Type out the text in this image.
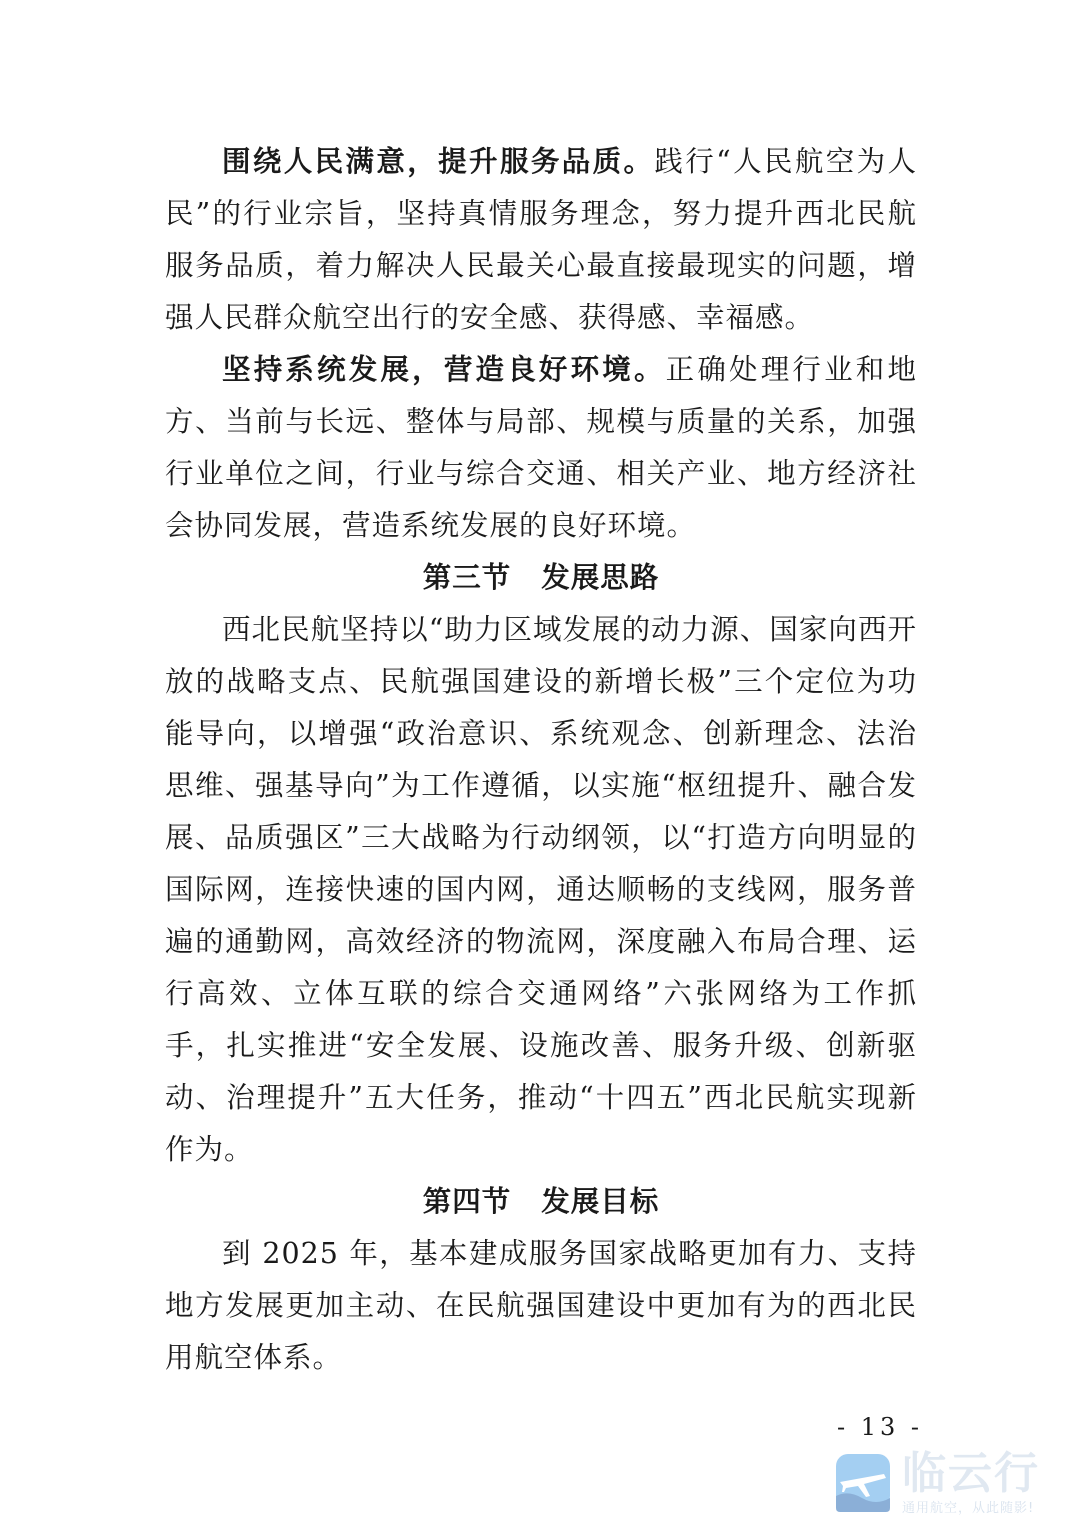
围绕人民满意，提升服务品质。践行“人民航空为人民”的行业宗旨，坚持真情服务理念，努力提升西北民航服务品质，着力解决人民最关心最直接最现实的问题，增强人民群众航空出行的安全感、获得感、幸福感。

坚持系统发展，营造良好环境。正确处理行业和地方、当前与长远、整体与局部、规模与质量的关系，加强行业单位之间，行业与综合交通、相关产业、地方经济社会协同发展，营造系统发展的良好环境。

第三节 发展思路

西北民航坚持以“助力区域发展的动力源、国家向西开放的战略支点、民航强国建设的新增长极”三个定位为功能导向，以增强“政治意识、系统观念、创新理念、法治思维、强基导向”为工作遵循，以实施“枢纽提升、融合发展、品质强区”三大战略为行动纲领，以“打造方向明显的国际网，连接快速的国内网，通达顺畅的支线网，服务普遍的通勤网，高效经济的物流网，深度融入布局合理、运行高效、立体互联的综合交通网络”六张网络为工作抓手，扎实推进“安全发展、设施改善、服务升级、创新驱动、治理提升”五大任务，推动“十四五”西北民航实现新作为。

第四节 发展目标

到 2025 年，基本建成服务国家战略更加有力、支持地方发展更加主动、在民航强国建设中更加有为的西北民用航空体系。

- 13 -
临云行
通用航空，从此随影!
